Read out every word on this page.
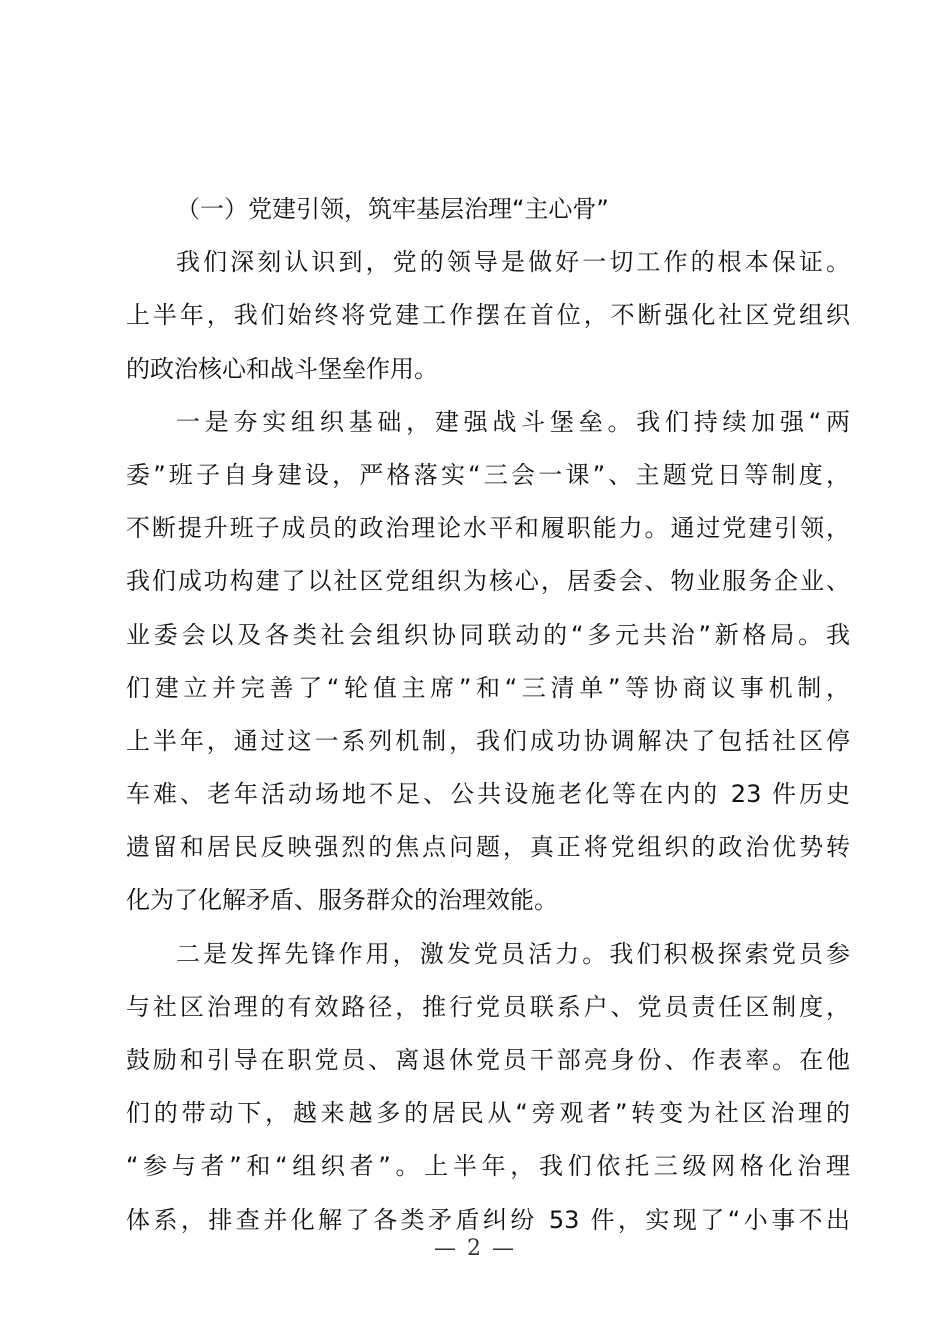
（一）党建引领，筑牢基层治理“主心骨”
我们深刻认识到，党的领导是做好一切工作的根本保证。
上半年，我们始终将党建工作摆在首位，不断强化社区党组织
的政治核心和战斗堡垒作用。
一是夯实组织基础，建强战斗堡垒。我们持续加强“两
委”班子自身建设，严格落实“三会一课”、主题党日等制度，
不断提升班子成员的政治理论水平和履职能力。通过党建引领，
我们成功构建了以社区党组织为核心，居委会、物业服务企业、
业委会以及各类社会组织协同联动的“多元共治”新格局。我
们建立并完善了“轮值主席”和“三清单”等协商议事机制，
上半年，通过这一系列机制，我们成功协调解决了包括社区停
车难、老年活动场地不足、公共设施老化等在内的 23 件历史
遗留和居民反映强烈的焦点问题，真正将党组织的政治优势转
化为了化解矛盾、服务群众的治理效能。
二是发挥先锋作用，激发党员活力。我们积极探索党员参
与社区治理的有效路径，推行党员联系户、党员责任区制度，
鼓励和引导在职党员、离退休党员干部亮身份、作表率。在他
们的带动下，越来越多的居民从“旁观者”转变为社区治理的
“参与者”和“组织者”。上半年，我们依托三级网格化治理
体系，排查并化解了各类矛盾纠纷 53 件，实现了“小事不出
— 2 —
